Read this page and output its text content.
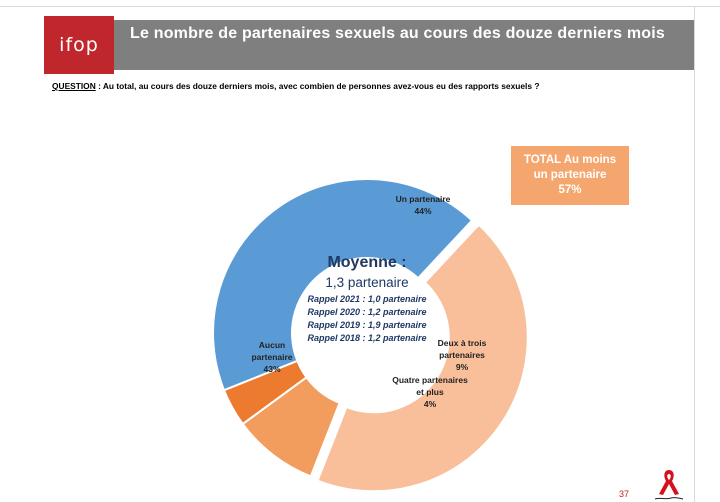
ifop
Le nombre de partenaires sexuels au cours des douze derniers mois
QUESTION : Au total, au cours des douze derniers mois, avec combien de personnes avez-vous eu des rapports sexuels ?
TOTAL Au moins
un partenaire
57%
Un partenaire
44%
Deux à trois
partenaires
9%
Quatre partenaires
et plus
4%
Aucun
partenaire
43%
Moyenne :
1,3 partenaire
Rappel 2021 : 1,0 partenaire
Rappel 2020 : 1,2 partenaire
Rappel 2019 : 1,9 partenaire
Rappel 2018 : 1,2 partenaire
37
